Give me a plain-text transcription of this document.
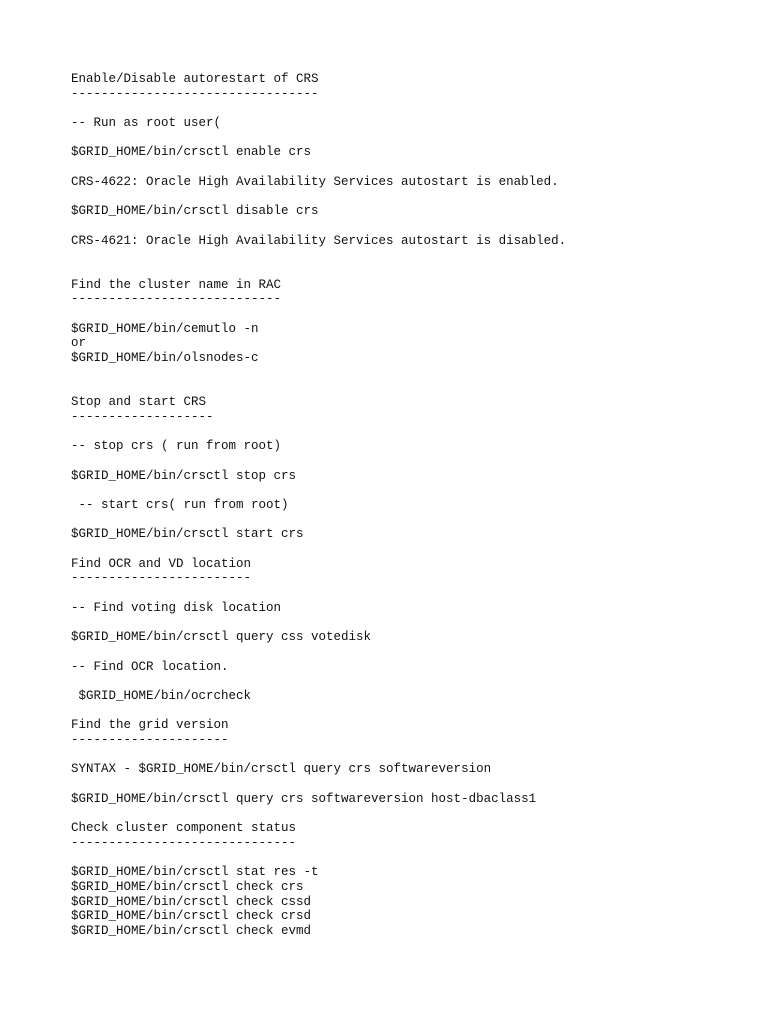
Enable/Disable autorestart of CRS
---------------------------------
-- Run as root user(
$GRID_HOME/bin/crsctl enable crs
CRS-4622: Oracle High Availability Services autostart is enabled.
$GRID_HOME/bin/crsctl disable crs
CRS-4621: Oracle High Availability Services autostart is disabled.
Find the cluster name in RAC
----------------------------
$GRID_HOME/bin/cemutlo -n
or
$GRID_HOME/bin/olsnodes-c
Stop and start CRS
-------------------
-- stop crs ( run from root)
$GRID_HOME/bin/crsctl stop crs
-- start crs( run from root)
$GRID_HOME/bin/crsctl start crs
Find OCR and VD location
------------------------
-- Find voting disk location
$GRID_HOME/bin/crsctl query css votedisk
-- Find OCR location.
$GRID_HOME/bin/ocrcheck
Find the grid version
---------------------
SYNTAX - $GRID_HOME/bin/crsctl query crs softwareversion
$GRID_HOME/bin/crsctl query crs softwareversion host-dbaclass1
Check cluster component status
------------------------------
$GRID_HOME/bin/crsctl stat res -t
$GRID_HOME/bin/crsctl check crs
$GRID_HOME/bin/crsctl check cssd
$GRID_HOME/bin/crsctl check crsd
$GRID_HOME/bin/crsctl check evmd
